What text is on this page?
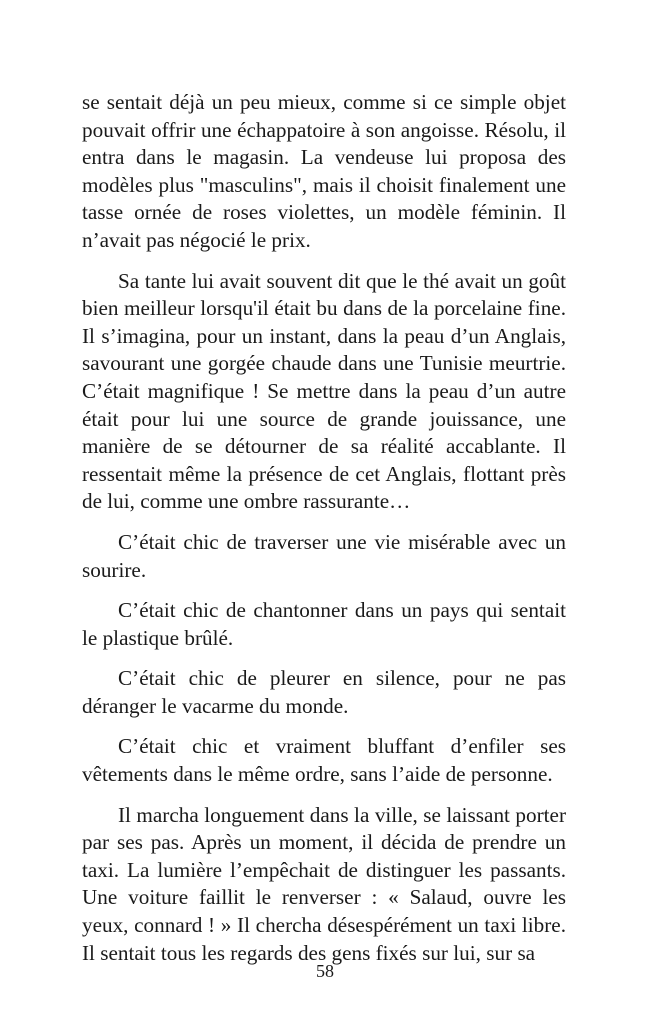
se sentait déjà un peu mieux, comme si ce simple objet pouvait offrir une échappatoire à son angoisse. Résolu, il entra dans le magasin. La vendeuse lui proposa des modèles plus "masculins", mais il choisit finalement une tasse ornée de roses violettes, un modèle féminin. Il n’avait pas négocié le prix.

Sa tante lui avait souvent dit que le thé avait un goût bien meilleur lorsqu'il était bu dans de la porcelaine fine. Il s’imagina, pour un instant, dans la peau d’un Anglais, savourant une gorgée chaude dans une Tunisie meurtrie. C’était magnifique ! Se mettre dans la peau d’un autre était pour lui une source de grande jouissance, une manière de se détourner de sa réalité accablante. Il ressentait même la présence de cet Anglais, flottant près de lui, comme une ombre rassurante…

C’était chic de traverser une vie misérable avec un sourire.

C’était chic de chantonner dans un pays qui sentait le plastique brûlé.

C’était chic de pleurer en silence, pour ne pas déranger le vacarme du monde.

C’était chic et vraiment bluffant d’enfiler ses vêtements dans le même ordre, sans l’aide de personne.

Il marcha longuement dans la ville, se laissant porter par ses pas. Après un moment, il décida de prendre un taxi. La lumière l’empêchait de distinguer les passants. Une voiture faillit le renverser : « Salaud, ouvre les yeux, connard ! » Il chercha désespérément un taxi libre. Il sentait tous les regards des gens fixés sur lui, sur sa

58
